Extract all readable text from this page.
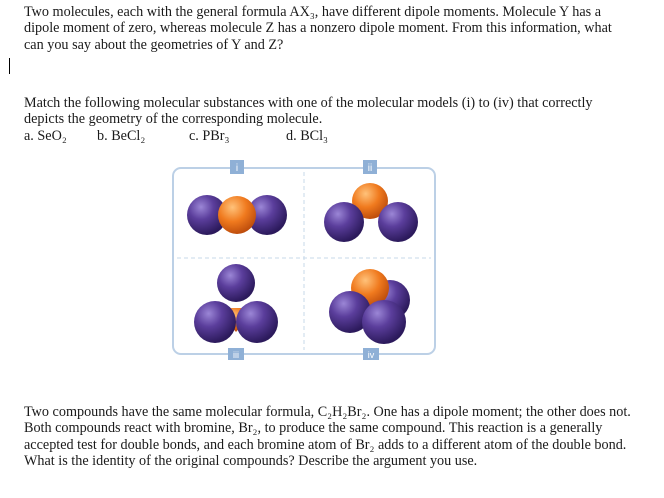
Two molecules, each with the general formula AX₃, have different dipole moments. Molecule Y has a dipole moment of zero, whereas molecule Z has a nonzero dipole moment. From this information, what can you say about the geometries of Y and Z?

Match the following molecular substances with one of the molecular models (i) to (iv) that correctly depicts the geometry of the corresponding molecule.

a. SeO₂ b. BeCl₂	c. PBr₃	d. BCl₃
i	ii
iii	iv

Two compounds have the same molecular formula, C₂H₂Br₂. One has a dipole moment; the other does not. Both compounds react with bromine, Br₂, to produce the same compound. This reaction is a generally accepted test for double bonds, and each bromine atom of Br₂ adds to a different atom of the double bond. What is the identity of the original compounds? Describe the argument you use.
